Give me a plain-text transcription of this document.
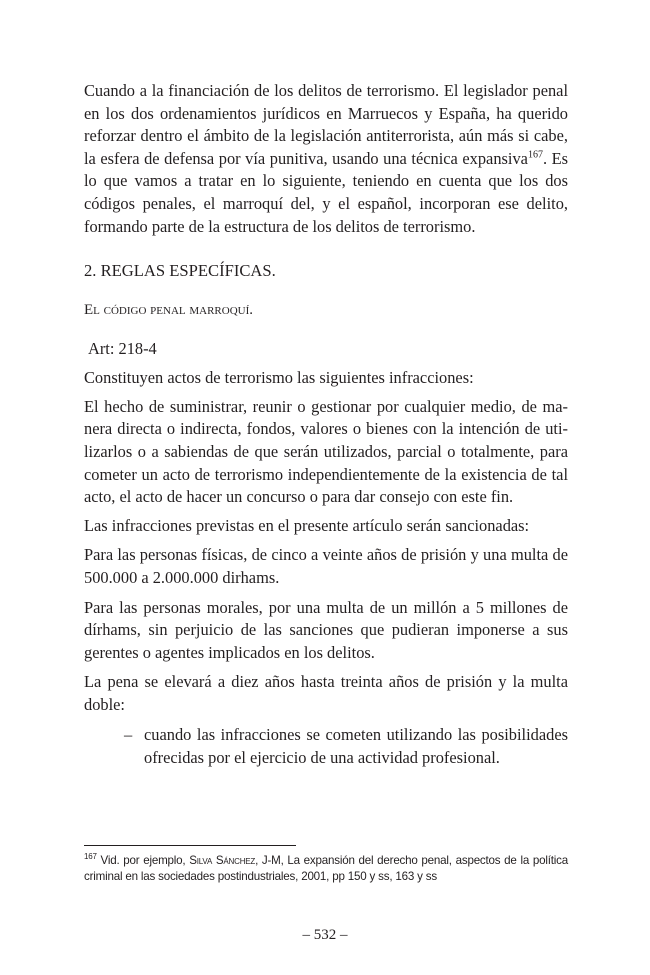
Cuando a la financiación de los delitos de terrorismo. El legislador penal en los dos ordenamientos jurídicos en Marruecos y España, ha querido reforzar dentro el ámbito de la legislación antiterrorista, aún más si cabe, la esfera de defensa por vía punitiva, usando una técnica expansiva$^{167}$. Es lo que vamos a tratar en lo siguiente, teniendo en cuenta que los dos códigos penales, el marroquí del, y el español, incorporan ese delito, formando parte de la estructura de los delitos de terrorismo.

2. REGLAS ESPECÍFICAS.

El código penal marroquí.

Art: 218-4

Constituyen actos de terrorismo las siguientes infracciones:

El hecho de suministrar, reunir o gestionar por cualquier medio, de manera directa o indirecta, fondos, valores o bienes con la intención de utilizarlos o a sabiendas de que serán utilizados, parcial o totalmente, para cometer un acto de terrorismo independientemente de la existencia de tal acto, el acto de hacer un concurso o para dar consejo con este fin.

Las infracciones previstas en el presente artículo serán sancionadas:

Para las personas físicas, de cinco a veinte años de prisión y una multa de 500.000 a 2.000.000 dirhams.

Para las personas morales, por una multa de un millón a 5 millones de dírhams, sin perjuicio de las sanciones que pudieran imponerse a sus gerentes o agentes implicados en los delitos.

La pena se elevará a diez años hasta treinta años de prisión y la multa doble:

– cuando las infracciones se cometen utilizando las posibilidades ofrecidas por el ejercicio de una actividad profesional.
$^{167}$ Vid. por ejemplo, Silva Sánchez, J-M, La expansión del derecho penal, aspectos de la política criminal en las sociedades postindustriales, 2001, pp 150 y ss, 163 y ss
– 532 –
